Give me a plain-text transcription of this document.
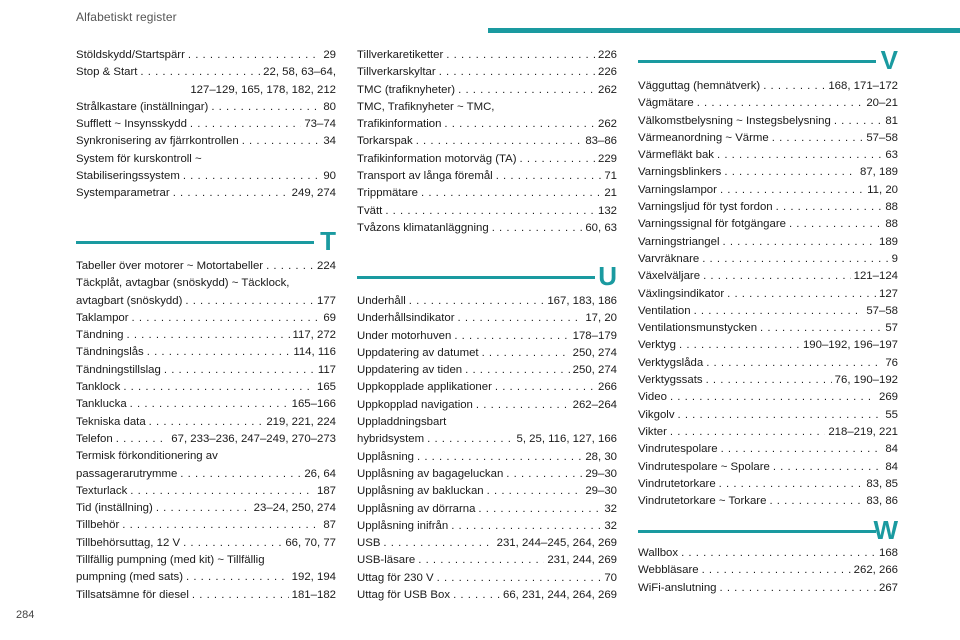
Alfabetiskt register
Stöldskydd/Startspärr . . .	29
Stop & Start . . .	22, 58, 63–64,
127–129, 165, 178, 182, 212
Strålkastare (inställningar) . . .	80
Sufflett ~ Insynsskydd . . .	73–74
Synkronisering av fjärrkontrollen . . .	34
System för kurskontroll ~
Stabiliseringssystem . . .	90
Systemparametrar . . .	249, 274
T
Tabeller över motorer ~ Motortabeller . . .	224
Täckplåt, avtagbar (snöskydd) ~ Täcklock,
avtagbart (snöskydd) . . .	177
Taklampor . . .	69
Tändning . . .	117, 272
Tändningslås . . .	114, 116
Tändningstillslag . . .	117
Tanklock . . .	165
Tanklucka . . .	165–166
Tekniska data . . .	219, 221, 224
Telefon . . .	67, 233–236, 247–249, 270–273
Termisk förkonditionering av
passagerarutrymme . . .	26, 64
Texturlack . . .	187
Tid (inställning) . . .	23–24, 250, 274
Tillbehör . . .	87
Tillbehörsuttag, 12 V . . .	66, 70, 77
Tillfällig pumpning (med kit) ~ Tillfällig
pumpning (med sats) . . .	192, 194
Tillsatsämne för diesel . . .	181–182
Tillverkaretiketter . . .	226
Tillverkarskyltar . . .	226
TMC (trafiknyheter) . . .	262
TMC, Trafiknyheter ~ TMC,
Trafikinformation . . .	262
Torkarspak . . .	83–86
Trafikinformation motorväg (TA) . . .	229
Transport av långa föremål . . .	71
Trippmätare . . .	21
Tvätt . . .	132
Tvåzons klimatanläggning . . .	60, 63
U
Underhåll . . .	167, 183, 186
Underhållsindikator . . .	17, 20
Under motorhuven . . .	178–179
Uppdatering av datumet . . .	250, 274
Uppdatering av tiden . . .	250, 274
Uppkopplade applikationer . . .	266
Uppkopplad navigation . . .	262–264
Uppladdningsbart
hybridsystem . . .	5, 25, 116, 127, 166
Upplåsning . . .	28, 30
Upplåsning av bagageluckan . . .	29–30
Upplåsning av bakluckan . . .	29–30
Upplåsning av dörrarna . . .	32
Upplåsning inifrån . . .	32
USB . . .	231, 244–245, 264, 269
USB-läsare . . .	231, 244, 269
Uttag för 230 V . . .	70
Uttag för USB Box . . .	66, 231, 244, 264, 269
V
Vägguttag (hemnätverk) . . .	168, 171–172
Vägmätare . . .	20–21
Välkomstbelysning ~ Instegsbelysning . . .	81
Värmeanordning ~ Värme . . .	57–58
Värmefläkt bak . . .	63
Varningsblinkers . . .	87, 189
Varningslampor . . .	11, 20
Varningsljud för tyst fordon . . .	88
Varningssignal för fotgängare . . .	88
Varningstriangel . . .	189
Varvräknare . . .	9
Växelväljare . . .	121–124
Växlingsindikator . . .	127
Ventilation . . .	57–58
Ventilationsmunstycken . . .	57
Verktyg . . .	190–192, 196–197
Verktygslåda . . .	76
Verktygssats . . .	76, 190–192
Video . . .	269
Vikgolv . . .	55
Vikter . . .	218–219, 221
Vindrutespolare . . .	84
Vindrutespolare ~ Spolare . . .	84
Vindrutetorkare . . .	83, 85
Vindrutetorkare ~ Torkare . . .	83, 86
W
Wallbox . . .	168
Webbläsare . . .	262, 266
WiFi-anslutning . . .	267
284
